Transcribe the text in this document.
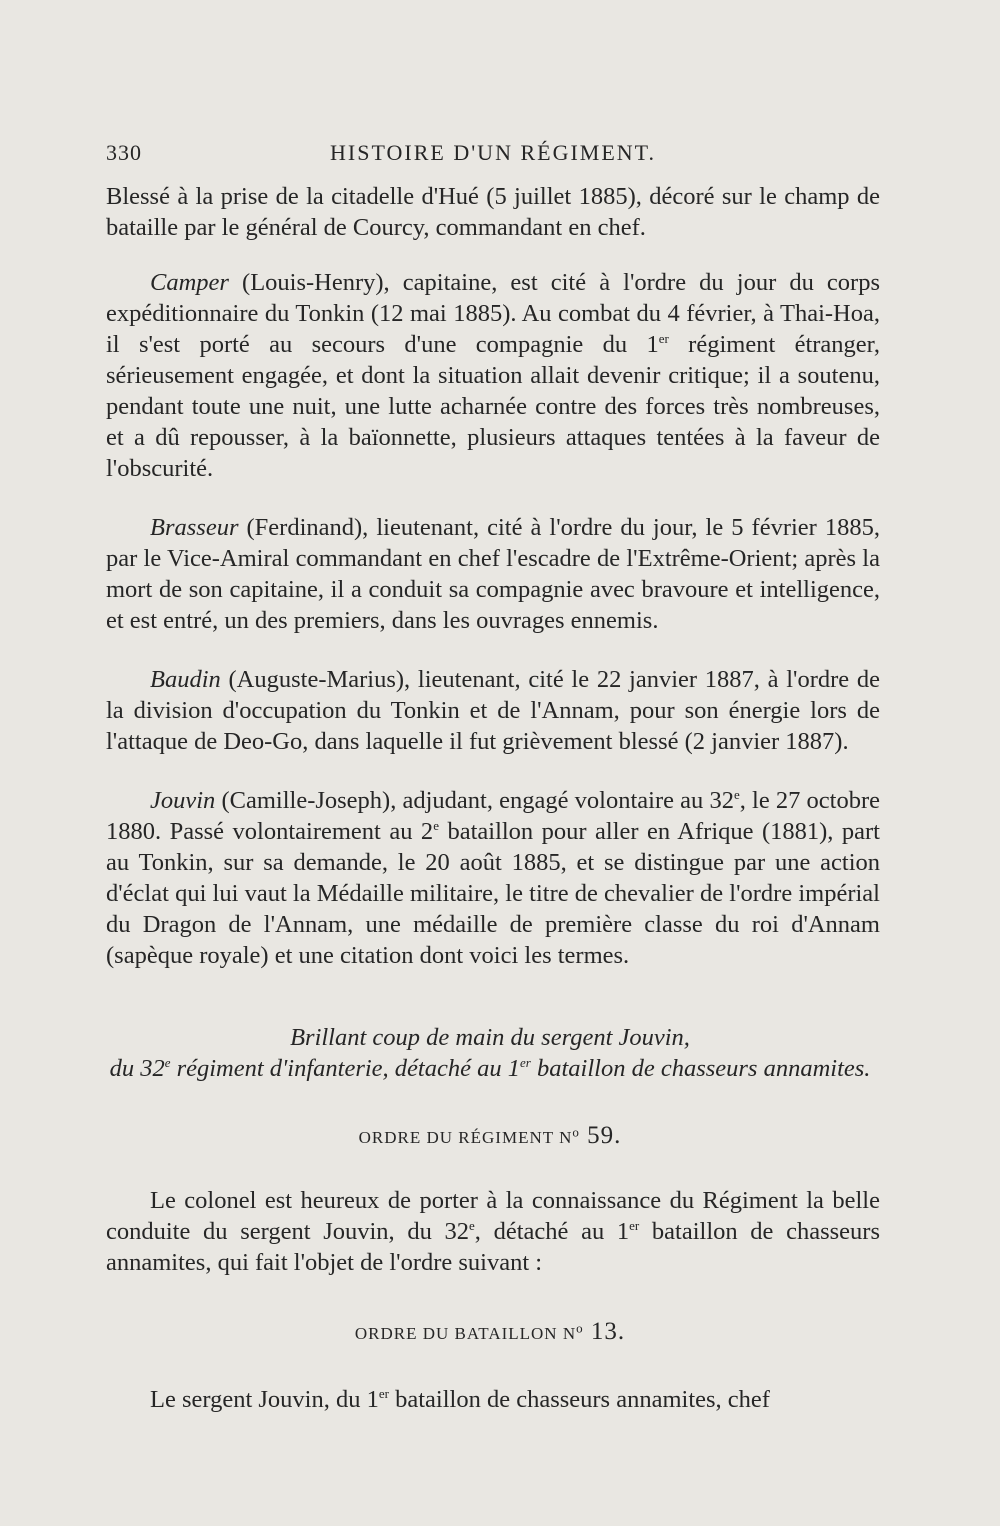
330	HISTOIRE D'UN RÉGIMENT.

Blessé à la prise de la citadelle d'Hué (5 juillet 1885), décoré sur le champ de bataille par le général de Courcy, commandant en chef.

Camper (Louis-Henry), capitaine, est cité à l'ordre du jour du corps expéditionnaire du Tonkin (12 mai 1885). Au combat du 4 février, à Thai-Hoa, il s'est porté au secours d'une compagnie du 1er régiment étranger, sérieusement engagée, et dont la situation allait devenir critique; il a soutenu, pendant toute une nuit, une lutte acharnée contre des forces très nombreuses, et a dû repousser, à la baïonnette, plusieurs attaques tentées à la faveur de l'obscurité.

Brasseur (Ferdinand), lieutenant, cité à l'ordre du jour, le 5 février 1885, par le Vice-Amiral commandant en chef l'escadre de l'Extrême-Orient; après la mort de son capitaine, il a conduit sa compagnie avec bravoure et intelligence, et est entré, un des premiers, dans les ouvrages ennemis.

Baudin (Auguste-Marius), lieutenant, cité le 22 janvier 1887, à l'ordre de la division d'occupation du Tonkin et de l'Annam, pour son énergie lors de l'attaque de Deo-Go, dans laquelle il fut grièvement blessé (2 janvier 1887).

Jouvin (Camille-Joseph), adjudant, engagé volontaire au 32e, le 27 octobre 1880. Passé volontairement au 2e bataillon pour aller en Afrique (1881), part au Tonkin, sur sa demande, le 20 août 1885, et se distingue par une action d'éclat qui lui vaut la Médaille militaire, le titre de chevalier de l'ordre impérial du Dragon de l'Annam, une médaille de première classe du roi d'Annam (sapèque royale) et une citation dont voici les termes.

Brillant coup de main du sergent Jouvin,

du 32e régiment d'infanterie, détaché au 1er bataillon de chasseurs annamites.

ORDRE DU RÉGIMENT $N^o$ 59.

Le colonel est heureux de porter à la connaissance du Régiment la belle conduite du sergent Jouvin, du 32e, détaché au 1er bataillon de chasseurs annamites, qui fait l'objet de l'ordre suivant :

ORDRE DU BATAILLON $N^o$ 13.

Le sergent Jouvin, du 1er bataillon de chasseurs annamites, chef
